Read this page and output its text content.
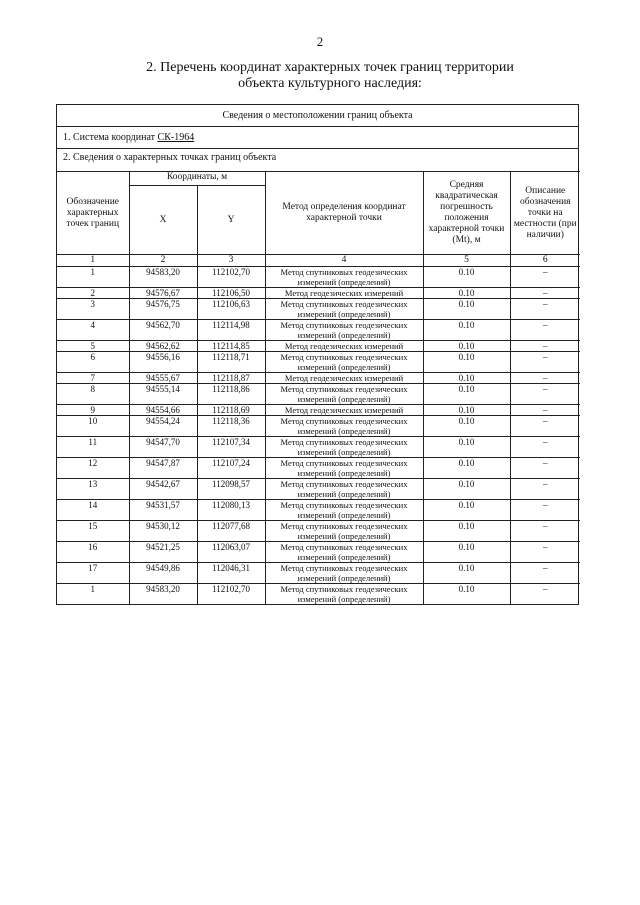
2
2. Перечень координат характерных точек границ территории
объекта культурного наследия:
Сведения о местоположении границ объекта
1. Система координат СК-1964
2. Сведения о характерных точках границ объекта
Обозначение характерных точек границ	Координаты, м		Метод определения координат характерной точки	Средняя квадратическая погрешность положения характерной точки (Mt), м	Описание обозначения точки на местности (при наличии)
	X	Y			
1	2	3	4	5	6
1	94583,20	112102,70	Метод спутниковых геодезических измерений (определений)	0.10	–
2	94576,67	112106,50	Метод геодезических измерений	0.10	–
3	94576,75	112106,63	Метод спутниковых геодезических измерений (определений)	0.10	–
4	94562,70	112114,98	Метод спутниковых геодезических измерений (определений)	0.10	–
5	94562,62	112114,85	Метод геодезических измерений	0.10	–
6	94556,16	112118,71	Метод спутниковых геодезических измерений (определений)	0.10	–
7	94555,67	112118,87	Метод геодезических измерений	0.10	–
8	94555,14	112118,86	Метод спутниковых геодезических измерений (определений)	0.10	–
9	94554,66	112118,69	Метод геодезических измерений	0.10	–
10	94554,24	112118,36	Метод спутниковых геодезических измерений (определений)	0.10	–
11	94547,70	112107,34	Метод спутниковых геодезических измерений (определений)	0.10	–
12	94547,87	112107,24	Метод спутниковых геодезических измерений (определений)	0.10	–
13	94542,67	112098,57	Метод спутниковых геодезических измерений (определений)	0.10	–
14	94531,57	112080,13	Метод спутниковых геодезических измерений (определений)	0.10	–
15	94530,12	112077,68	Метод спутниковых геодезических измерений (определений)	0.10	–
16	94521,25	112063,07	Метод спутниковых геодезических измерений (определений)	0.10	–
17	94549,86	112046,31	Метод спутниковых геодезических измерений (определений)	0.10	–
1	94583,20	112102,70	Метод спутниковых геодезических измерений (определений)	0.10	–
